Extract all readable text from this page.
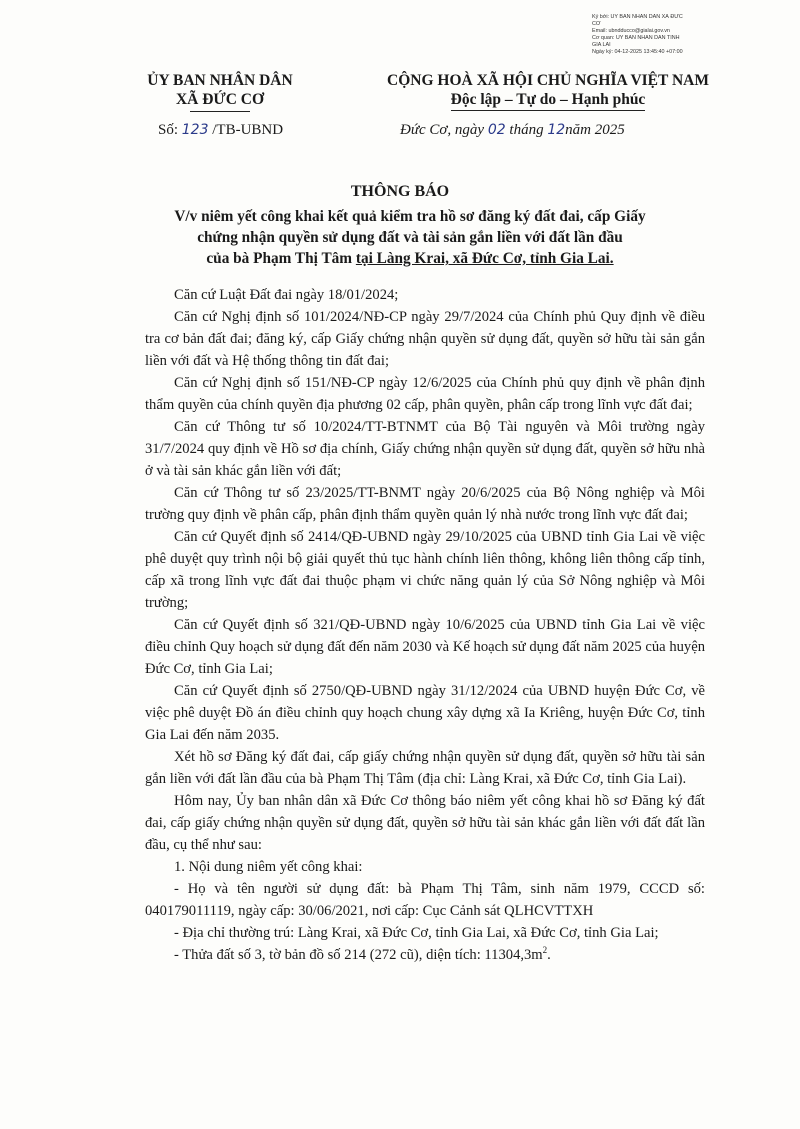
Ký bởi: ỦY BAN NHÂN DÂN XÃ ĐỨC
CƠ
Email: ubndducco@gialai.gov.vn
Cơ quan: ỦY BAN NHÂN DÂN TỈNH
GIA LAI
Ngày ký: 04-12-2025 13:45:40 +07:00
ỦY BAN NHÂN DÂN
XÃ ĐỨC CƠ
CỘNG HOÀ XÃ HỘI CHỦ NGHĨA VIỆT NAM
Độc lập – Tự do – Hạnh phúc
Số: 123 /TB-UBND	Đức Cơ, ngày 02 tháng 12năm 2025
THÔNG BÁO
V/v niêm yết công khai kết quả kiểm tra hồ sơ đăng ký đất đai, cấp Giấy
chứng nhận quyền sử dụng đất và tài sản gắn liền với đất lần đầu
của bà Phạm Thị Tâm tại Làng Krai, xã Đức Cơ, tỉnh Gia Lai.

Căn cứ Luật Đất đai ngày 18/01/2024;

Căn cứ Nghị định số 101/2024/NĐ-CP ngày 29/7/2024 của Chính phủ Quy định về điều tra cơ bản đất đai; đăng ký, cấp Giấy chứng nhận quyền sử dụng đất, quyền sở hữu tài sản gắn liền với đất và Hệ thống thông tin đất đai;

Căn cứ Nghị định số 151/NĐ-CP ngày 12/6/2025 của Chính phủ quy định về phân định thẩm quyền của chính quyền địa phương 02 cấp, phân quyền, phân cấp trong lĩnh vực đất đai;

Căn cứ Thông tư số 10/2024/TT-BTNMT của Bộ Tài nguyên và Môi trường ngày 31/7/2024 quy định về Hồ sơ địa chính, Giấy chứng nhận quyền sử dụng đất, quyền sở hữu nhà ở và tài sản khác gắn liền với đất;

Căn cứ Thông tư số 23/2025/TT-BNMT ngày 20/6/2025 của Bộ Nông nghiệp và Môi trường quy định về phân cấp, phân định thẩm quyền quản lý nhà nước trong lĩnh vực đất đai;

Căn cứ Quyết định số 2414/QĐ-UBND ngày 29/10/2025 của UBND tỉnh Gia Lai về việc phê duyệt quy trình nội bộ giải quyết thủ tục hành chính liên thông, không liên thông cấp tỉnh, cấp xã trong lĩnh vực đất đai thuộc phạm vi chức năng quản lý của Sở Nông nghiệp và Môi trường;

Căn cứ Quyết định số 321/QĐ-UBND ngày 10/6/2025 của UBND tỉnh Gia Lai về việc điều chỉnh Quy hoạch sử dụng đất đến năm 2030 và Kế hoạch sử dụng đất năm 2025 của huyện Đức Cơ, tỉnh Gia Lai;

Căn cứ Quyết định số 2750/QĐ-UBND ngày 31/12/2024 của UBND huyện Đức Cơ, về việc phê duyệt Đồ án điều chỉnh quy hoạch chung xây dựng xã Ia Kriêng, huyện Đức Cơ, tỉnh Gia Lai đến năm 2035.

Xét hồ sơ Đăng ký đất đai, cấp giấy chứng nhận quyền sử dụng đất, quyền sở hữu tài sản gắn liền với đất lần đầu của bà Phạm Thị Tâm (địa chỉ: Làng Krai, xã Đức Cơ, tỉnh Gia Lai).

Hôm nay, Ủy ban nhân dân xã Đức Cơ thông báo niêm yết công khai hồ sơ Đăng ký đất đai, cấp giấy chứng nhận quyền sử dụng đất, quyền sở hữu tài sản khác gắn liền với đất đất lần đầu, cụ thể như sau:

1. Nội dung niêm yết công khai:

- Họ và tên người sử dụng đất: bà Phạm Thị Tâm, sinh năm 1979, CCCD số: 040179011119, ngày cấp: 30/06/2021, nơi cấp: Cục Cảnh sát QLHCVTTXH

- Địa chỉ thường trú: Làng Krai, xã Đức Cơ, tỉnh Gia Lai, xã Đức Cơ, tỉnh Gia Lai;

- Thửa đất số 3, tờ bản đồ số 214 (272 cũ), diện tích: $11304,3m^2$.
